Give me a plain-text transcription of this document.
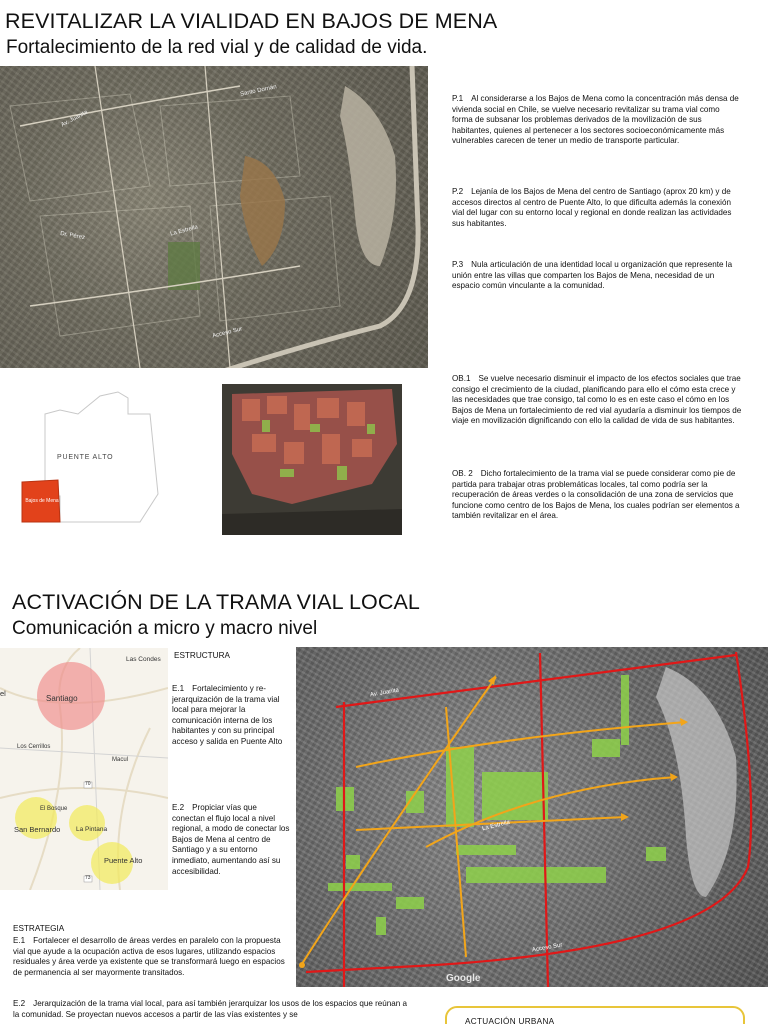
REVITALIZAR LA VIALIDAD EN BAJOS DE MENA
Fortalecimiento de la red vial y de calidad de vida.
Santo Dornán
Av. Juanita
Dr. Pérez	La Estrella
Acceso Sur
P.1 Al considerarse a los Bajos de Mena como la concentración más densa de vivienda social en Chile, se vuelve necesario revitalizar su trama vial como forma de subsanar los problemas derivados de la movilización de sus habitantes, quienes al pertenecer a los sectores socioeconómicamente más vulnerables carecen de tener un medio de transporte particular.
P.2 Lejanía de los Bajos de Mena del centro de Santiago (aprox 20 km) y de accesos directos al centro de Puente Alto, lo que dificulta además la conexión vial del lugar con su entorno local y regional en donde realizan las actividades sus habitantes.
P.3 Nula articulación de una identidad local u organización que represente la unión entre las villas que comparten los Bajos de Mena, necesidad de un espacio común vinculante a la comunidad.
PUENTE ALTO
Bajos de Mena
OB.1 Se vuelve necesario disminuir el impacto de los efectos sociales que trae consigo el crecimiento de la ciudad, planificando para ello el cómo esta crece y las necesidades que trae consigo, tal como lo es en este caso el cómo en los Bajos de Mena un fortalecimiento de red vial ayudaría a disminuir los tiempos de viaje en movilización dignificando con ello la calidad de vida de sus habitantes.
OB. 2 Dicho fortalecimiento de la trama vial se puede considerar como pie de partida para trabajar otras problemáticas locales, tal como podría ser la recuperación de áreas verdes o la consolidación de una zona de servicios que funcione como centro de los Bajos de Mena, los cuales podrían ser elementos a también revitalizar en el área.
ACTIVACIÓN DE LA TRAMA VIAL LOCAL
Comunicación a micro y macro nivel
Santiago
Las Condes
Los Cerrillos
Macul
El Bosque
San Bernardo La Pintana
Puente Alto
el
70
73
ESTRUCTURA
E.1 Fortalecimiento y re-jerarquización de la trama vial local para mejorar la comunicación interna de los habitantes y con su principal acceso y salida en Puente Alto
E.2 Propiciar vías que conectan el flujo local a nivel regional, a modo de conectar los Bajos de Mena al centro de Santiago y a su entorno inmediato, aumentando así su accesibilidad.
Av. Juanita
La Estrella
Acceso Sur
Google
ESTRATEGIA
E.1 Fortalecer el desarrollo de áreas verdes en paralelo con la propuesta vial que ayude a la ocupación activa de esos lugares, utilizando espacios residuales y área verde ya existente que se transformará luego en espacios de permanencia al ser mayormente transitados.
E.2 Jerarquización de la trama vial local, para así también jerarquizar los usos de los espacios que reúnan a la comunidad. Se proyectan nuevos accesos a partir de las vías existentes y se
ACTUACIÓN URBANA
